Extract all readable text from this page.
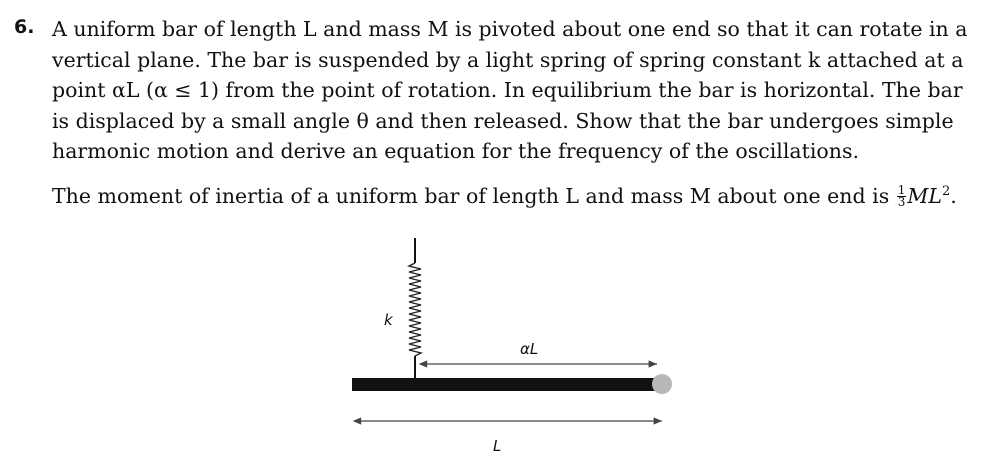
6. A uniform bar of length L and mass M is pivoted about one end so that it can rotate in a
vertical plane. The bar is suspended by a light spring of spring constant k attached at a
point αL (α ≤ 1) from the point of rotation. In equilibrium the bar is horizontal. The bar
is displaced by a small angle θ and then released. Show that the bar undergoes simple
harmonic motion and derive an equation for the frequency of the oscillations.
The moment of inertia of a uniform bar of length L and mass M about one end is $\frac{1}{3} ML^2$.
k
αL
L
